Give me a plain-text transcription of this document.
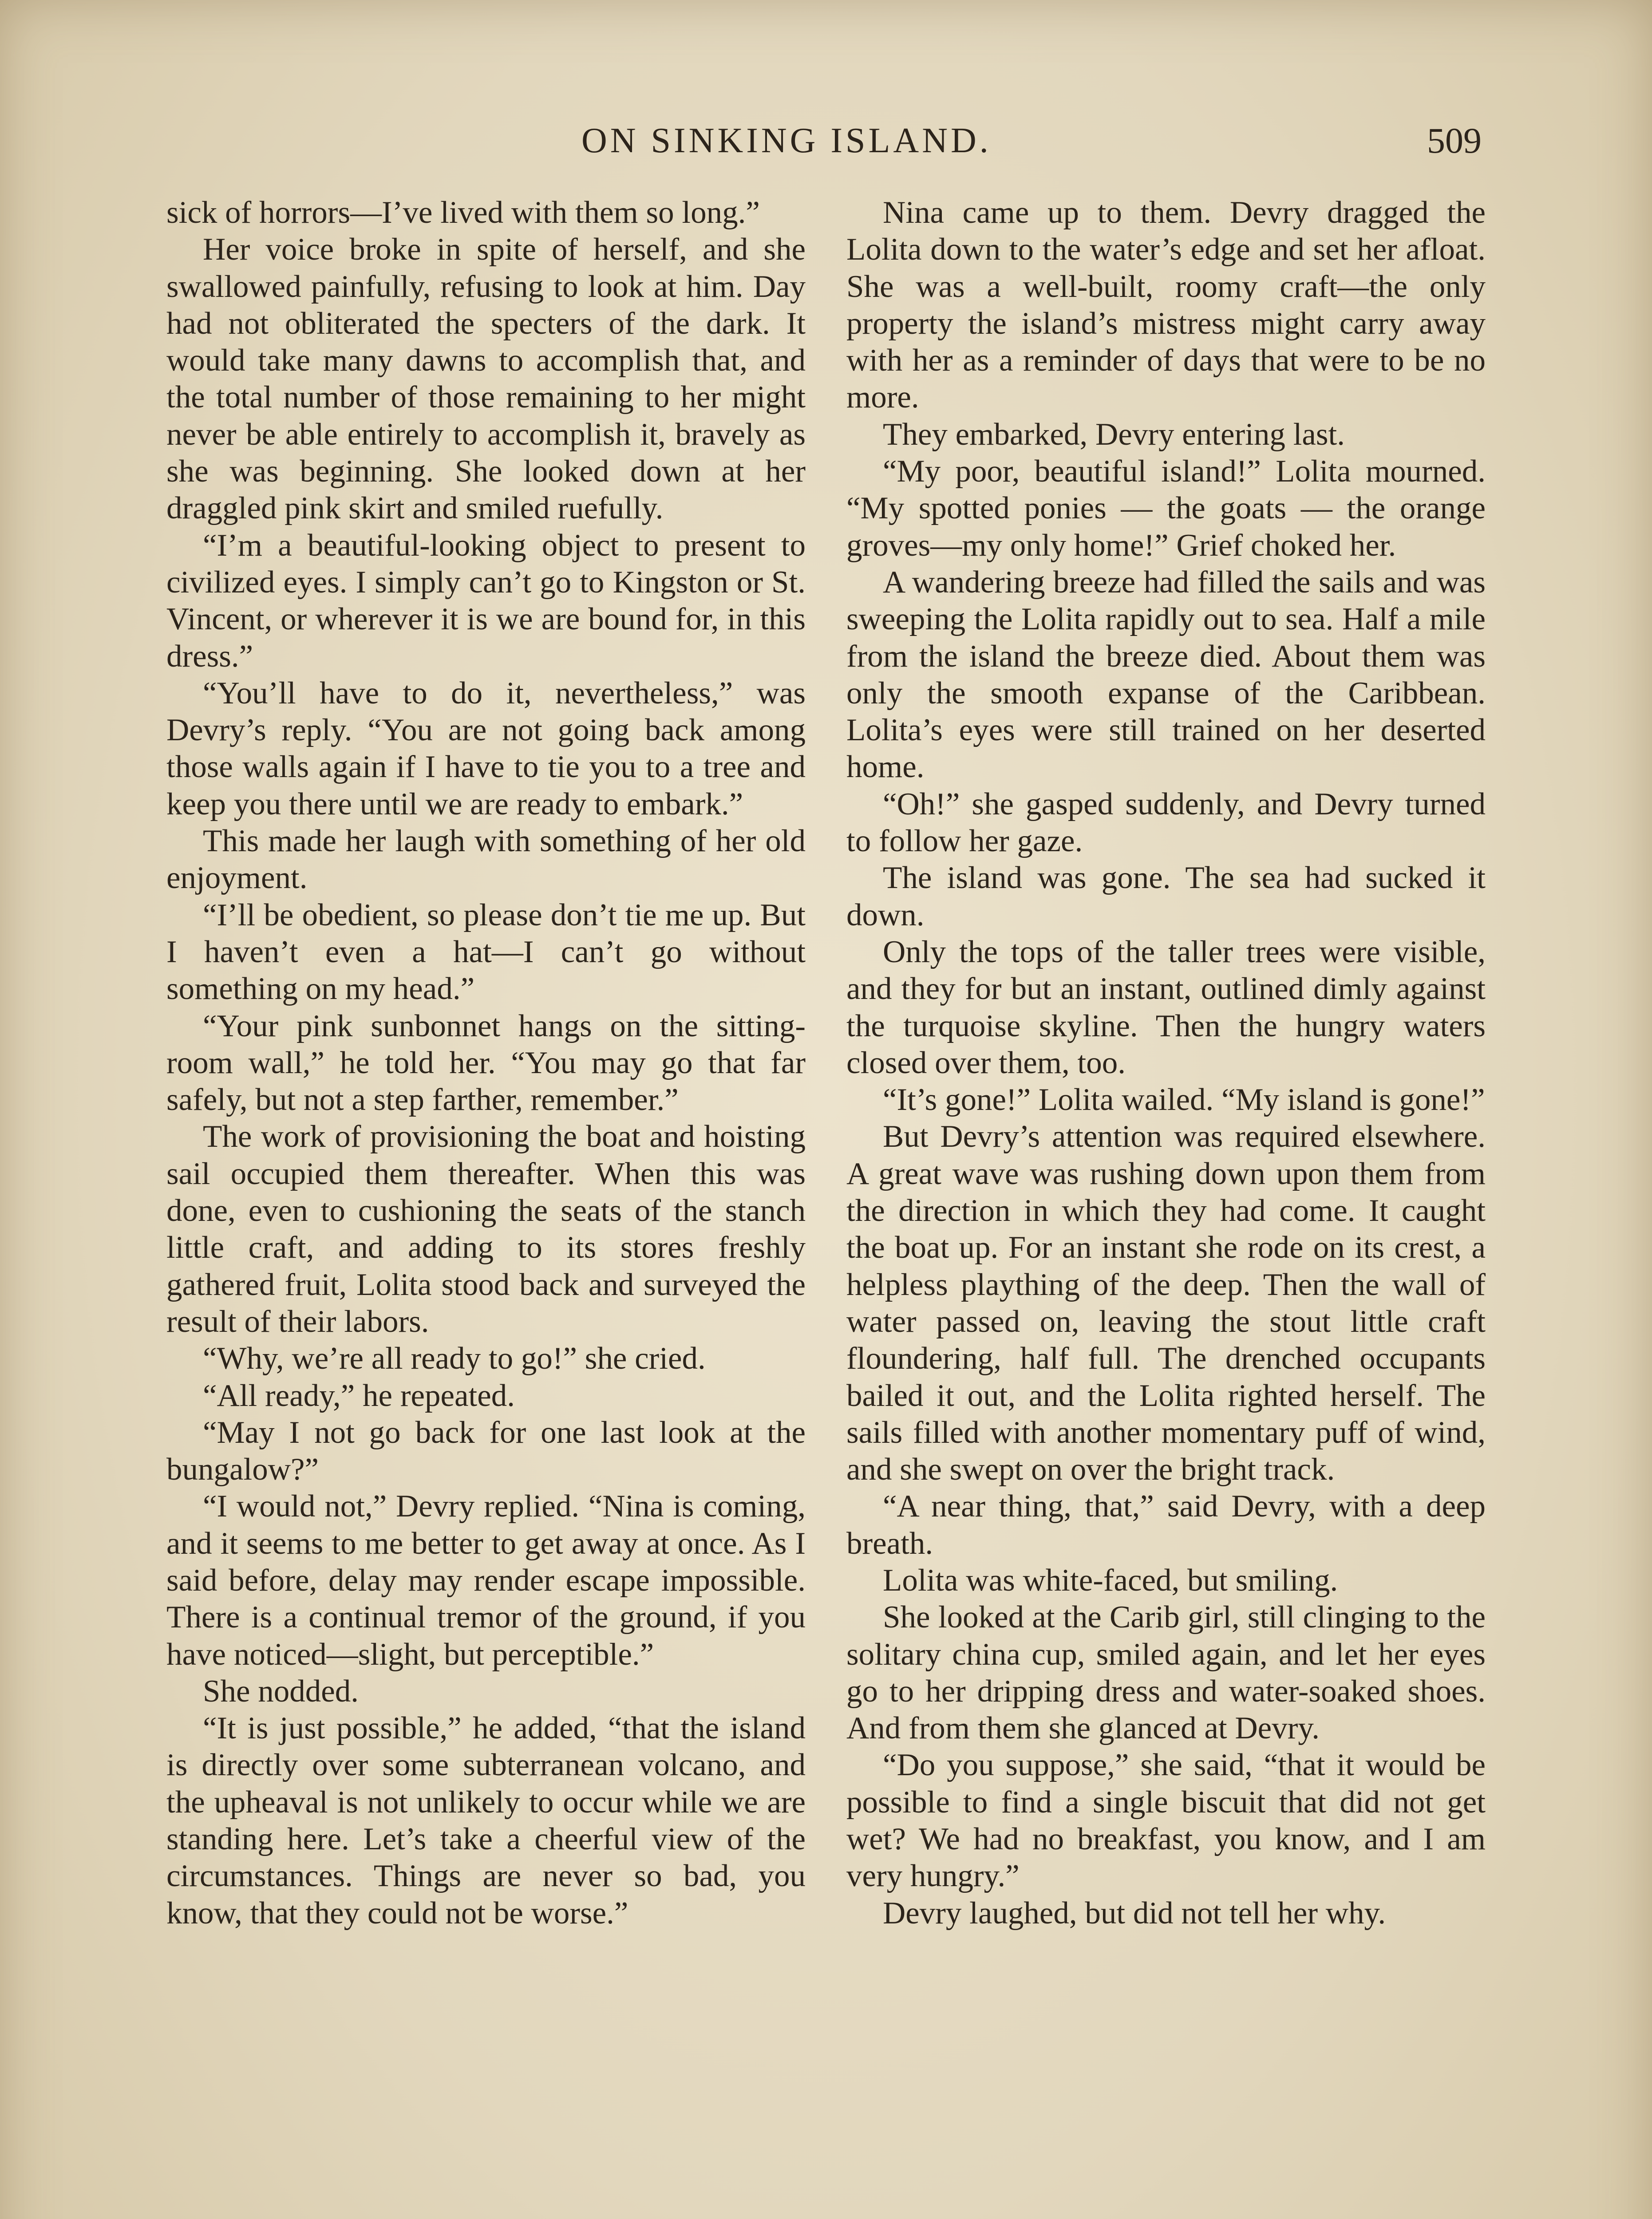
ON SINKING ISLAND.	509

sick of horrors—I’ve lived with them so long.”

Her voice broke in spite of herself, and she swallowed painfully, refusing to look at him. Day had not obliterated the specters of the dark. It would take many dawns to accomplish that, and the total number of those remaining to her might never be able entirely to accomplish it, bravely as she was beginning. She looked down at her draggled pink skirt and smiled ruefully.

“I’m a beautiful-looking object to present to civilized eyes. I simply can’t go to Kingston or St. Vincent, or wherever it is we are bound for, in this dress.”

“You’ll have to do it, nevertheless,” was Devry’s reply. “You are not going back among those walls again if I have to tie you to a tree and keep you there until we are ready to embark.”

This made her laugh with something of her old enjoyment.

“I’ll be obedient, so please don’t tie me up. But I haven’t even a hat—I can’t go without something on my head.”

“Your pink sunbonnet hangs on the sitting-room wall,” he told her. “You may go that far safely, but not a step farther, remember.”

The work of provisioning the boat and hoisting sail occupied them thereafter. When this was done, even to cushioning the seats of the stanch little craft, and adding to its stores freshly gathered fruit, Lolita stood back and surveyed the result of their labors.

“Why, we’re all ready to go!” she cried.

“All ready,” he repeated.

“May I not go back for one last look at the bungalow?”

“I would not,” Devry replied. “Nina is coming, and it seems to me better to get away at once. As I said before, delay may render escape impossible. There is a continual tremor of the ground, if you have noticed—slight, but perceptible.”

She nodded.

“It is just possible,” he added, “that the island is directly over some subterranean volcano, and the upheaval is not unlikely to occur while we are standing here. Let’s take a cheerful view of the circumstances. Things are never so bad, you know, that they could not be worse.”

Nina came up to them. Devry dragged the Lolita down to the water’s edge and set her afloat. She was a well-built, roomy craft—the only property the island’s mistress might carry away with her as a reminder of days that were to be no more.

They embarked, Devry entering last.

“My poor, beautiful island!” Lolita mourned. “My spotted ponies — the goats — the orange groves—my only home!” Grief choked her.

A wandering breeze had filled the sails and was sweeping the Lolita rapidly out to sea. Half a mile from the island the breeze died. About them was only the smooth expanse of the Caribbean. Lolita’s eyes were still trained on her deserted home.

“Oh!” she gasped suddenly, and Devry turned to follow her gaze.

The island was gone. The sea had sucked it down.

Only the tops of the taller trees were visible, and they for but an instant, outlined dimly against the turquoise skyline. Then the hungry waters closed over them, too.

“It’s gone!” Lolita wailed. “My island is gone!”

But Devry’s attention was required elsewhere. A great wave was rushing down upon them from the direction in which they had come. It caught the boat up. For an instant she rode on its crest, a helpless plaything of the deep. Then the wall of water passed on, leaving the stout little craft floundering, half full. The drenched occupants bailed it out, and the Lolita righted herself. The sails filled with another momentary puff of wind, and she swept on over the bright track.

“A near thing, that,” said Devry, with a deep breath.

Lolita was white-faced, but smiling.

She looked at the Carib girl, still clinging to the solitary china cup, smiled again, and let her eyes go to her dripping dress and water-soaked shoes. And from them she glanced at Devry.

“Do you suppose,” she said, “that it would be possible to find a single biscuit that did not get wet? We had no breakfast, you know, and I am very hungry.”

Devry laughed, but did not tell her why.
